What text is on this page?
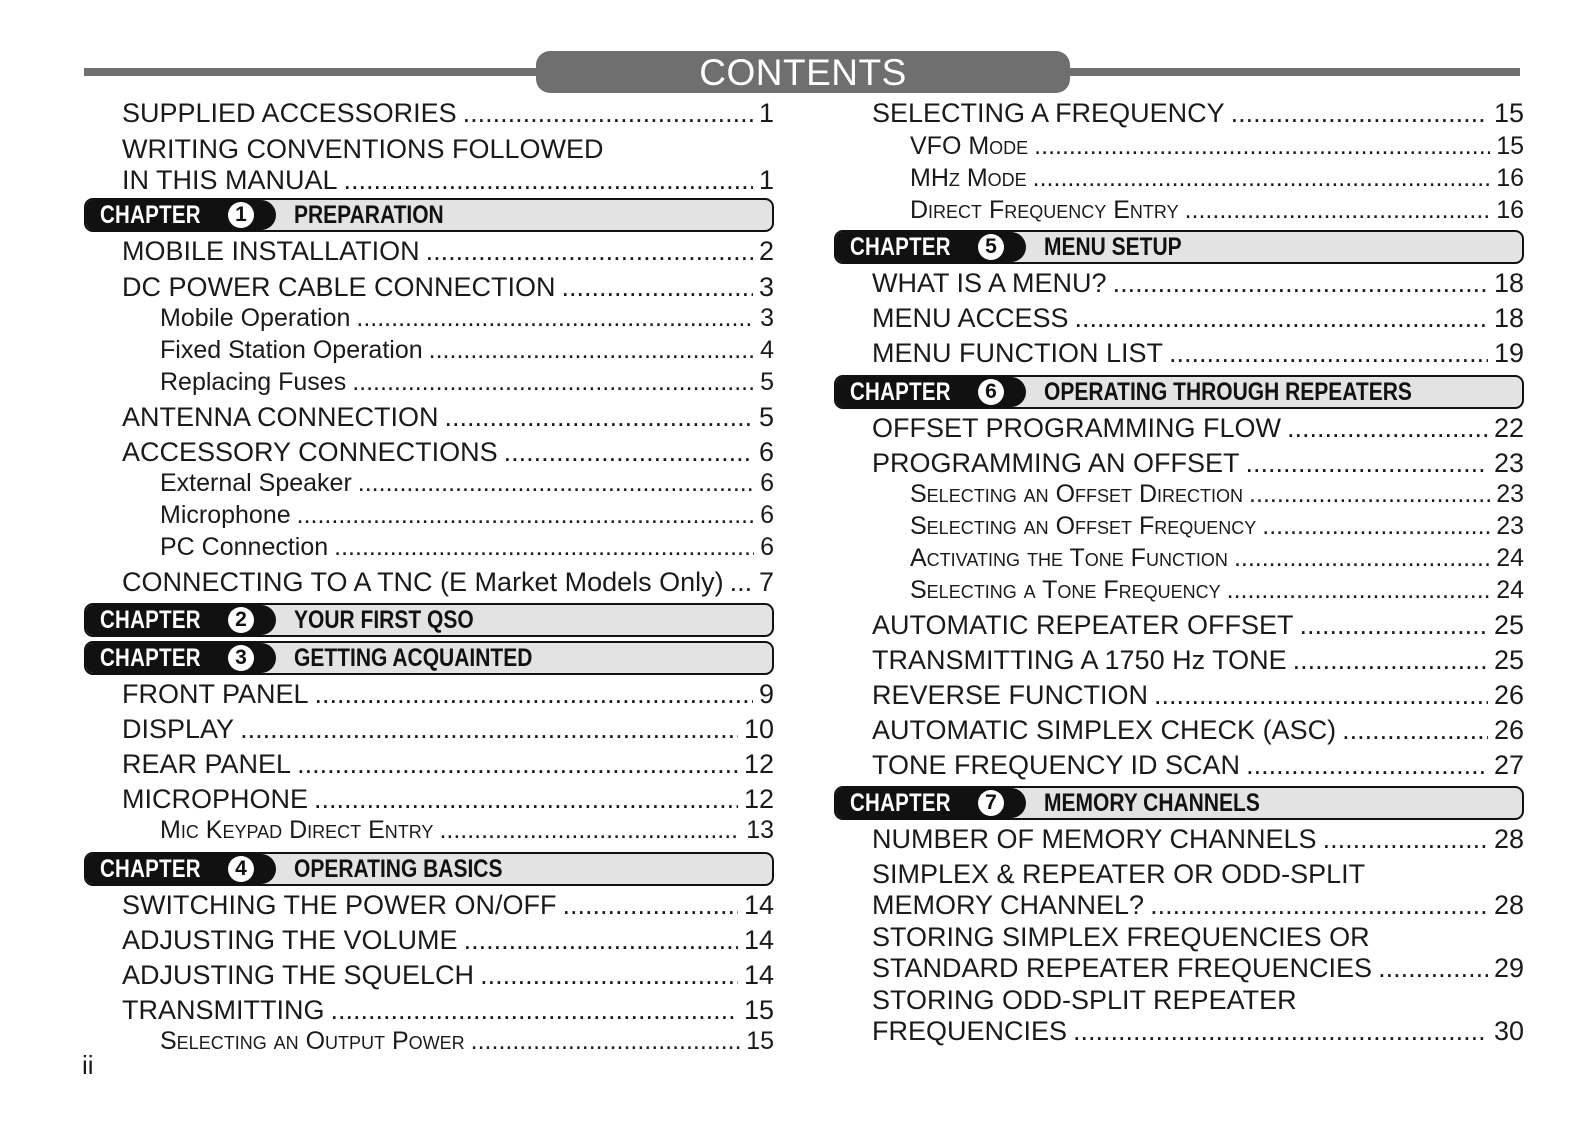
CONTENTS
SUPPLIED ACCESSORIES .....	1
WRITING CONVENTIONS FOLLOWED
IN THIS MANUAL .....	1
CHAPTER	1 PREPARATION
MOBILE INSTALLATION .....	2
DC POWER CABLE CONNECTION .....	3
Mobile Operation .....	3
Fixed Station Operation .....	4
Replacing Fuses .....	5
ANTENNA CONNECTION .....	5
ACCESSORY CONNECTIONS .....	6
External Speaker .....	6
Microphone .....	6
PC Connection .....	6
CONNECTING TO A TNC (E Market Models Only) ..... 7
CHAPTER	2 YOUR FIRST QSO
CHAPTER	3 GETTING ACQUAINTED
FRONT PANEL .....	9
DISPLAY .....	10
REAR PANEL .....	12
MICROPHONE .....	12
Mic Keypad Direct Entry .....	13
CHAPTER	4 OPERATING BASICS
SWITCHING THE POWER ON/OFF .....	14
ADJUSTING THE VOLUME .....	14
ADJUSTING THE SQUELCH .....	14
TRANSMITTING .....	15
Selecting an Output Power .....	15
SELECTING A FREQUENCY .....	15
VFO Mode .....	15
MHz Mode .....	16
Direct Frequency Entry .....	16
CHAPTER	5 MENU SETUP
WHAT IS A MENU? .....	18
MENU ACCESS .....	18
MENU FUNCTION LIST .....	19
CHAPTER	6 OPERATING THROUGH REPEATERS
OFFSET PROGRAMMING FLOW .....	22
PROGRAMMING AN OFFSET .....	23
Selecting an Offset Direction .....	23
Selecting an Offset Frequency .....	23
Activating the Tone Function .....	24
Selecting a Tone Frequency .....	24
AUTOMATIC REPEATER OFFSET .....	25
TRANSMITTING A 1750 Hz TONE .....	25
REVERSE FUNCTION .....	26
AUTOMATIC SIMPLEX CHECK (ASC) .....	26
TONE FREQUENCY ID SCAN .....	27
CHAPTER	7 MEMORY CHANNELS
NUMBER OF MEMORY CHANNELS .....	28
SIMPLEX & REPEATER OR ODD-SPLIT
MEMORY CHANNEL? .....	28
STORING SIMPLEX FREQUENCIES OR
STANDARD REPEATER FREQUENCIES .....	29
STORING ODD-SPLIT REPEATER
FREQUENCIES .....	30
ii
